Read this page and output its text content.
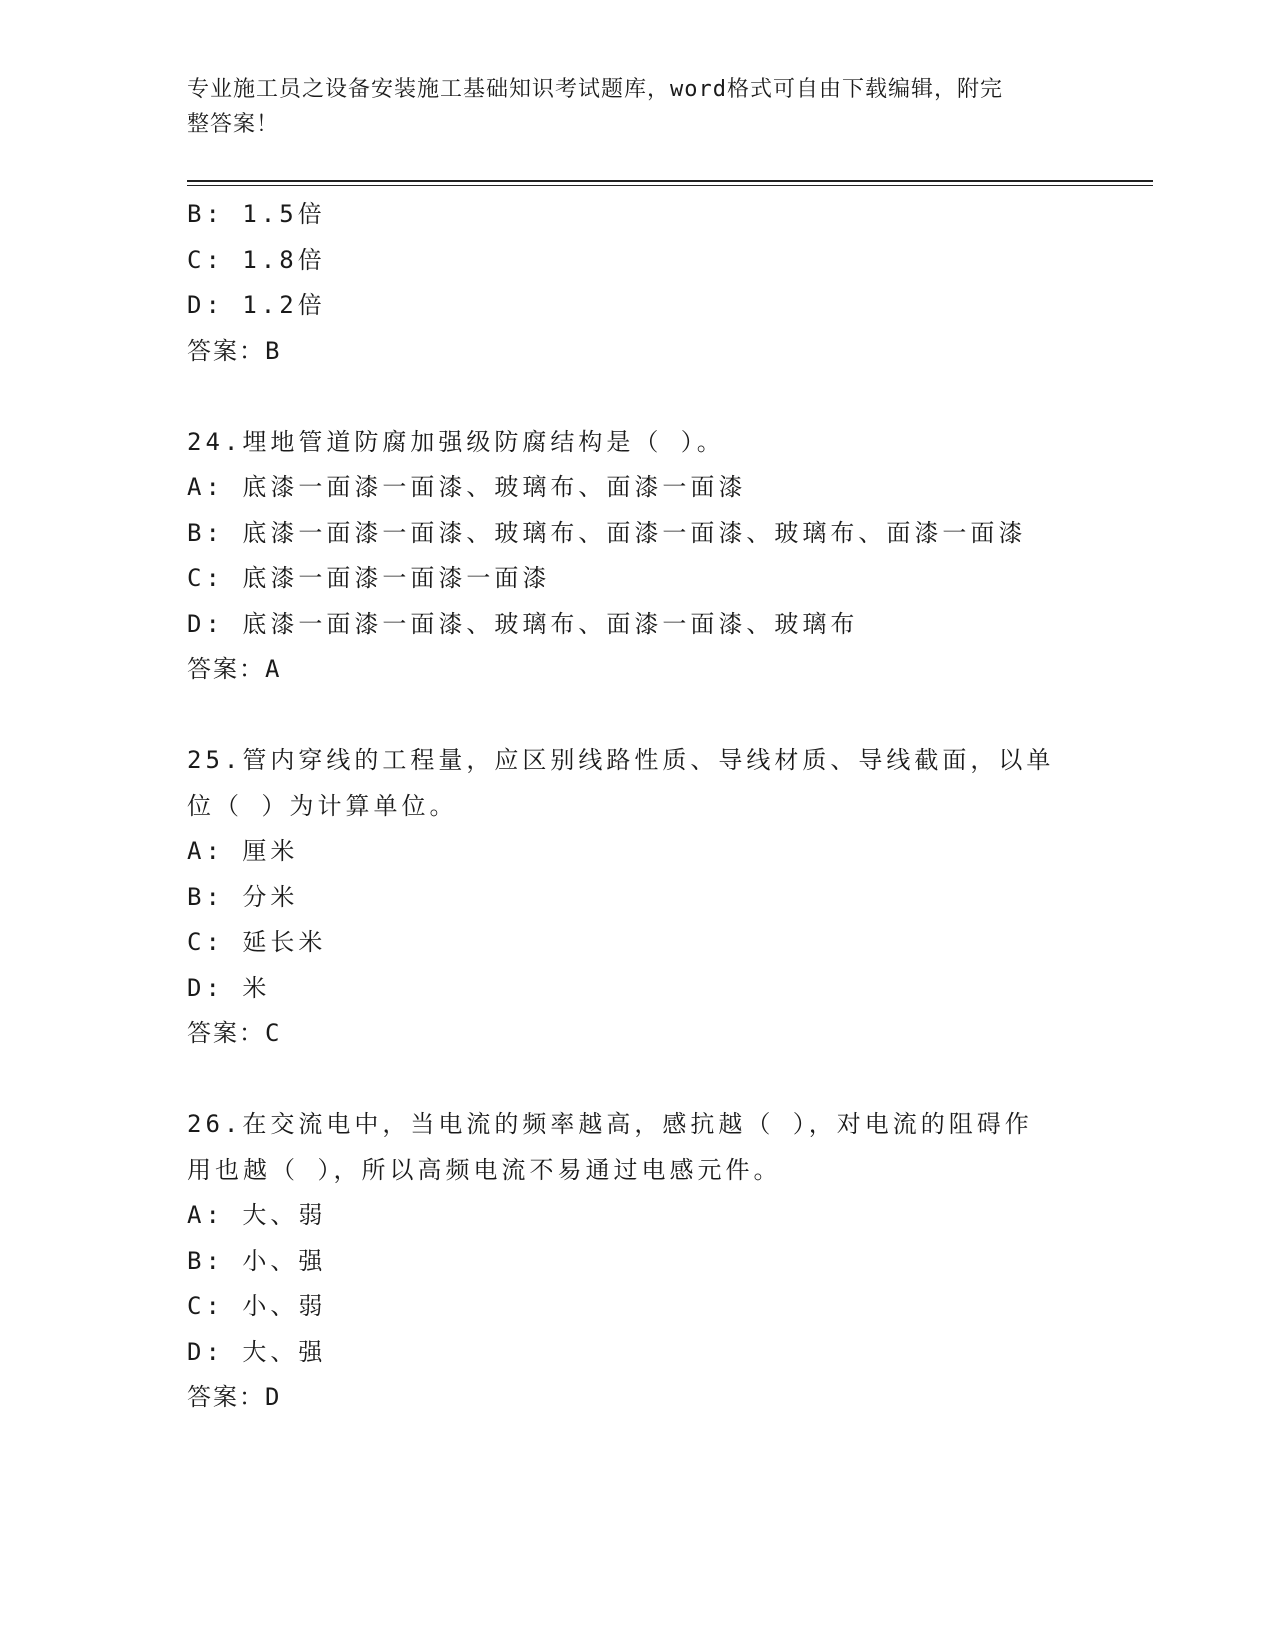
专业施工员之设备安装施工基础知识考试题库，word格式可自由下载编辑，附完
整答案！
B: 1.5倍
C: 1.8倍
D: 1.2倍
答案：B
24.埋地管道防腐加强级防腐结构是（ ）。
A: 底漆一面漆一面漆、玻璃布、面漆一面漆
B: 底漆一面漆一面漆、玻璃布、面漆一面漆、玻璃布、面漆一面漆
C: 底漆一面漆一面漆一面漆
D: 底漆一面漆一面漆、玻璃布、面漆一面漆、玻璃布
答案：A
25.管内穿线的工程量，应区别线路性质、导线材质、导线截面，以单
位（ ）为计算单位。
A: 厘米
B: 分米
C: 延长米
D: 米
答案：C
26.在交流电中，当电流的频率越高，感抗越（ ），对电流的阻碍作
用也越（ ），所以高频电流不易通过电感元件。
A: 大、弱
B: 小、强
C: 小、弱
D: 大、强
答案：D
